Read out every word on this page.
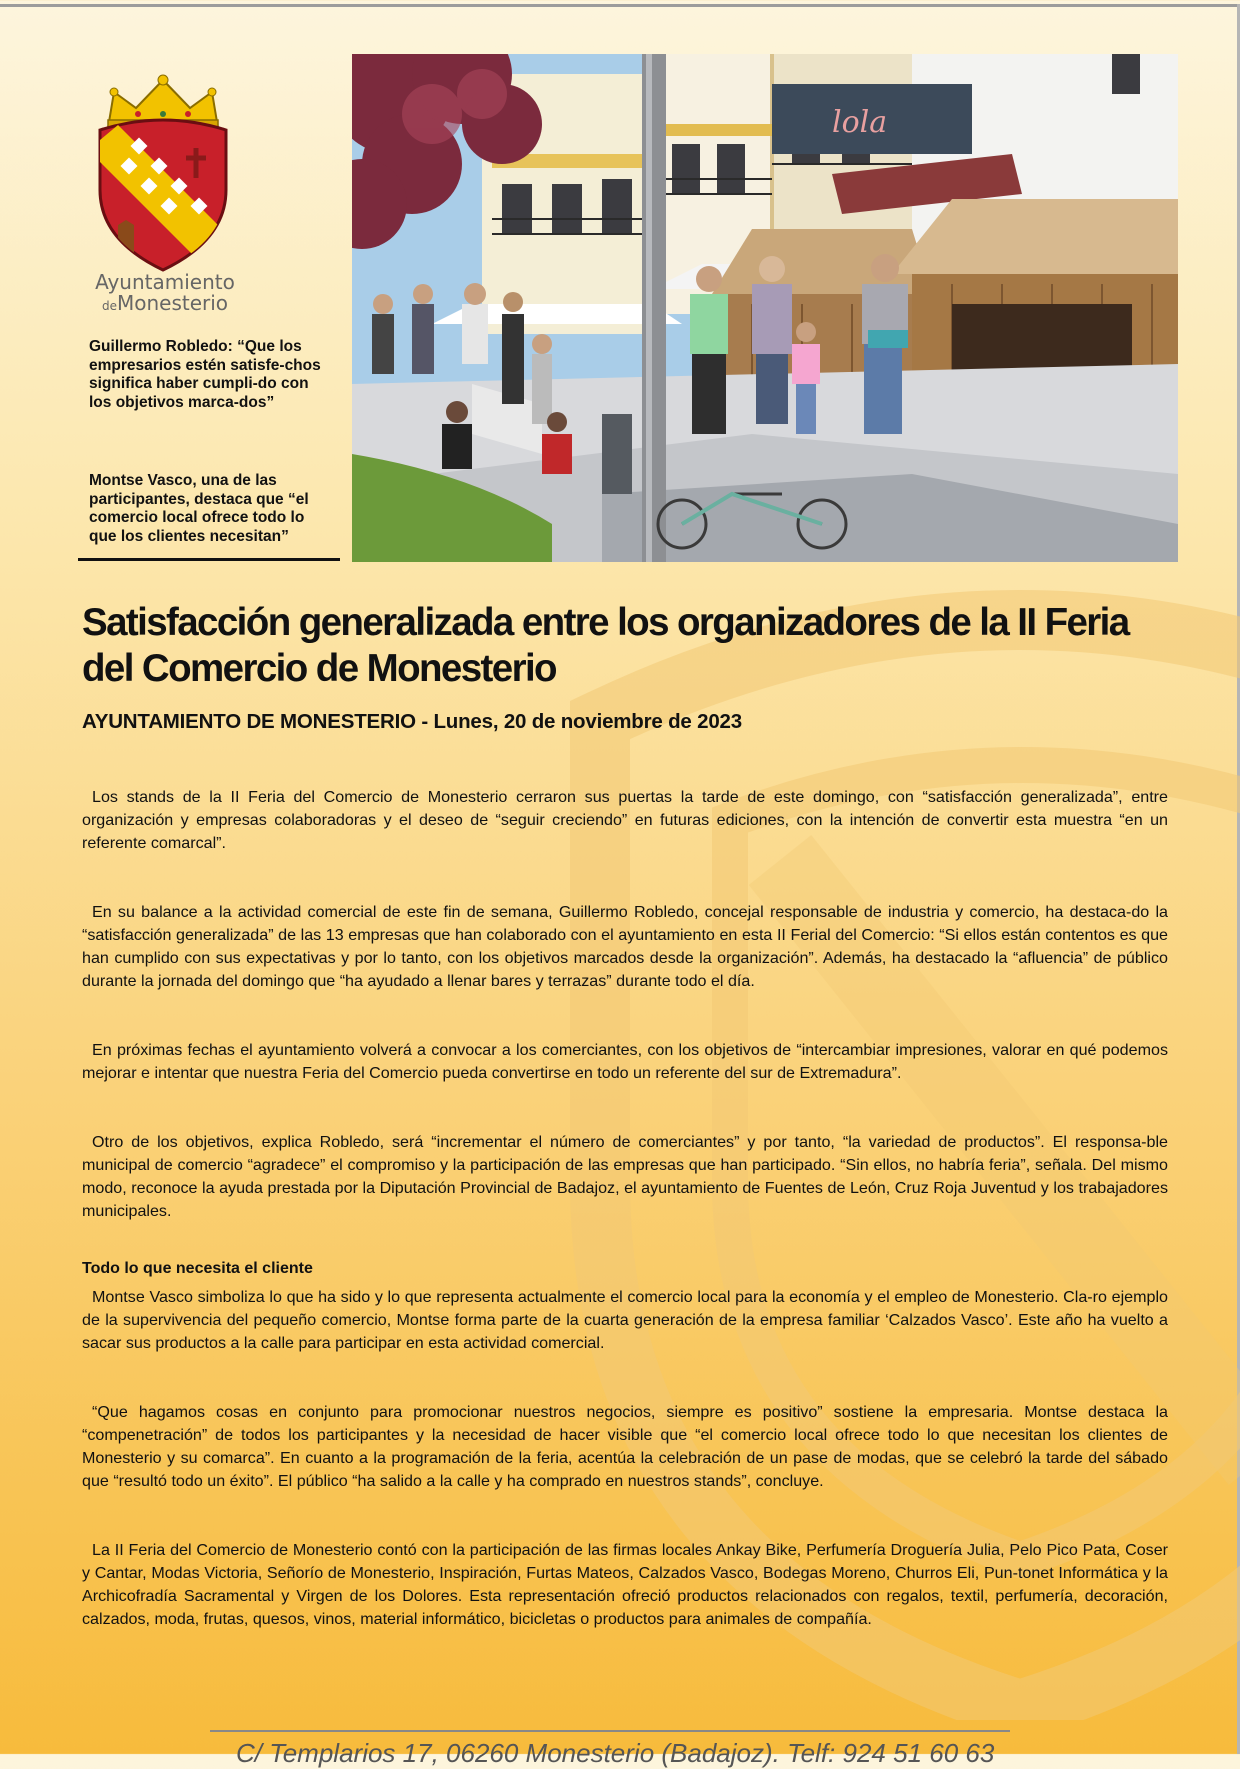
Ayuntamiento
deMonesterio
Guillermo Robledo: “Que los empresarios estén satisfe-chos significa haber cumpli-do con los objetivos marca-dos”
Montse Vasco, una de las participantes, destaca que “el comercio local ofrece todo lo que los clientes necesitan”
lola
Satisfacción generalizada entre los organizadores de la II Feria del Comercio de Monesterio

AYUNTAMIENTO DE MONESTERIO - Lunes, 20 de noviembre de 2023

Los stands de la II Feria del Comercio de Monesterio cerraron sus puertas la tarde de este domingo, con “satisfacción generalizada”, entre organización y empresas colaboradoras y el deseo de “seguir creciendo” en futuras ediciones, con la intención de convertir esta muestra “en un referente comarcal”.

En su balance a la actividad comercial de este fin de semana, Guillermo Robledo, concejal responsable de industria y comercio, ha destaca-do la “satisfacción generalizada” de las 13 empresas que han colaborado con el ayuntamiento en esta II Ferial del Comercio: “Si ellos están contentos es que han cumplido con sus expectativas y por lo tanto, con los objetivos marcados desde la organización”. Además, ha destacado la “afluencia” de público durante la jornada del domingo que “ha ayudado a llenar bares y terrazas” durante todo el día.

En próximas fechas el ayuntamiento volverá a convocar a los comerciantes, con los objetivos de “intercambiar impresiones, valorar en qué podemos mejorar e intentar que nuestra Feria del Comercio pueda convertirse en todo un referente del sur de Extremadura”.

Otro de los objetivos, explica Robledo, será “incrementar el número de comerciantes” y por tanto, “la variedad de productos”. El responsa-ble municipal de comercio “agradece” el compromiso y la participación de las empresas que han participado. “Sin ellos, no habría feria”, señala. Del mismo modo, reconoce la ayuda prestada por la Diputación Provincial de Badajoz, el ayuntamiento de Fuentes de León, Cruz Roja Juventud y los trabajadores municipales.

Todo lo que necesita el cliente

Montse Vasco simboliza lo que ha sido y lo que representa actualmente el comercio local para la economía y el empleo de Monesterio. Cla-ro ejemplo de la supervivencia del pequeño comercio, Montse forma parte de la cuarta generación de la empresa familiar ‘Calzados Vasco’. Este año ha vuelto a sacar sus productos a la calle para participar en esta actividad comercial.

“Que hagamos cosas en conjunto para promocionar nuestros negocios, siempre es positivo” sostiene la empresaria. Montse destaca la “compenetración” de todos los participantes y la necesidad de hacer visible que “el comercio local ofrece todo lo que necesitan los clientes de Monesterio y su comarca”. En cuanto a la programación de la feria, acentúa la celebración de un pase de modas, que se celebró la tarde del sábado que “resultó todo un éxito”. El público “ha salido a la calle y ha comprado en nuestros stands”, concluye.

La II Feria del Comercio de Monesterio contó con la participación de las firmas locales Ankay Bike, Perfumería Droguería Julia, Pelo Pico Pata, Coser y Cantar, Modas Victoria, Señorío de Monesterio, Inspiración, Furtas Mateos, Calzados Vasco, Bodegas Moreno, Churros Eli, Pun-tonet Informática y la Archicofradía Sacramental y Virgen de los Dolores. Esta representación ofreció productos relacionados con regalos, textil, perfumería, decoración, calzados, moda, frutas, quesos, vinos, material informático, bicicletas o productos para animales de compañía.

C/ Templarios 17, 06260 Monesterio (Badajoz). Telf: 924 51 60 63
